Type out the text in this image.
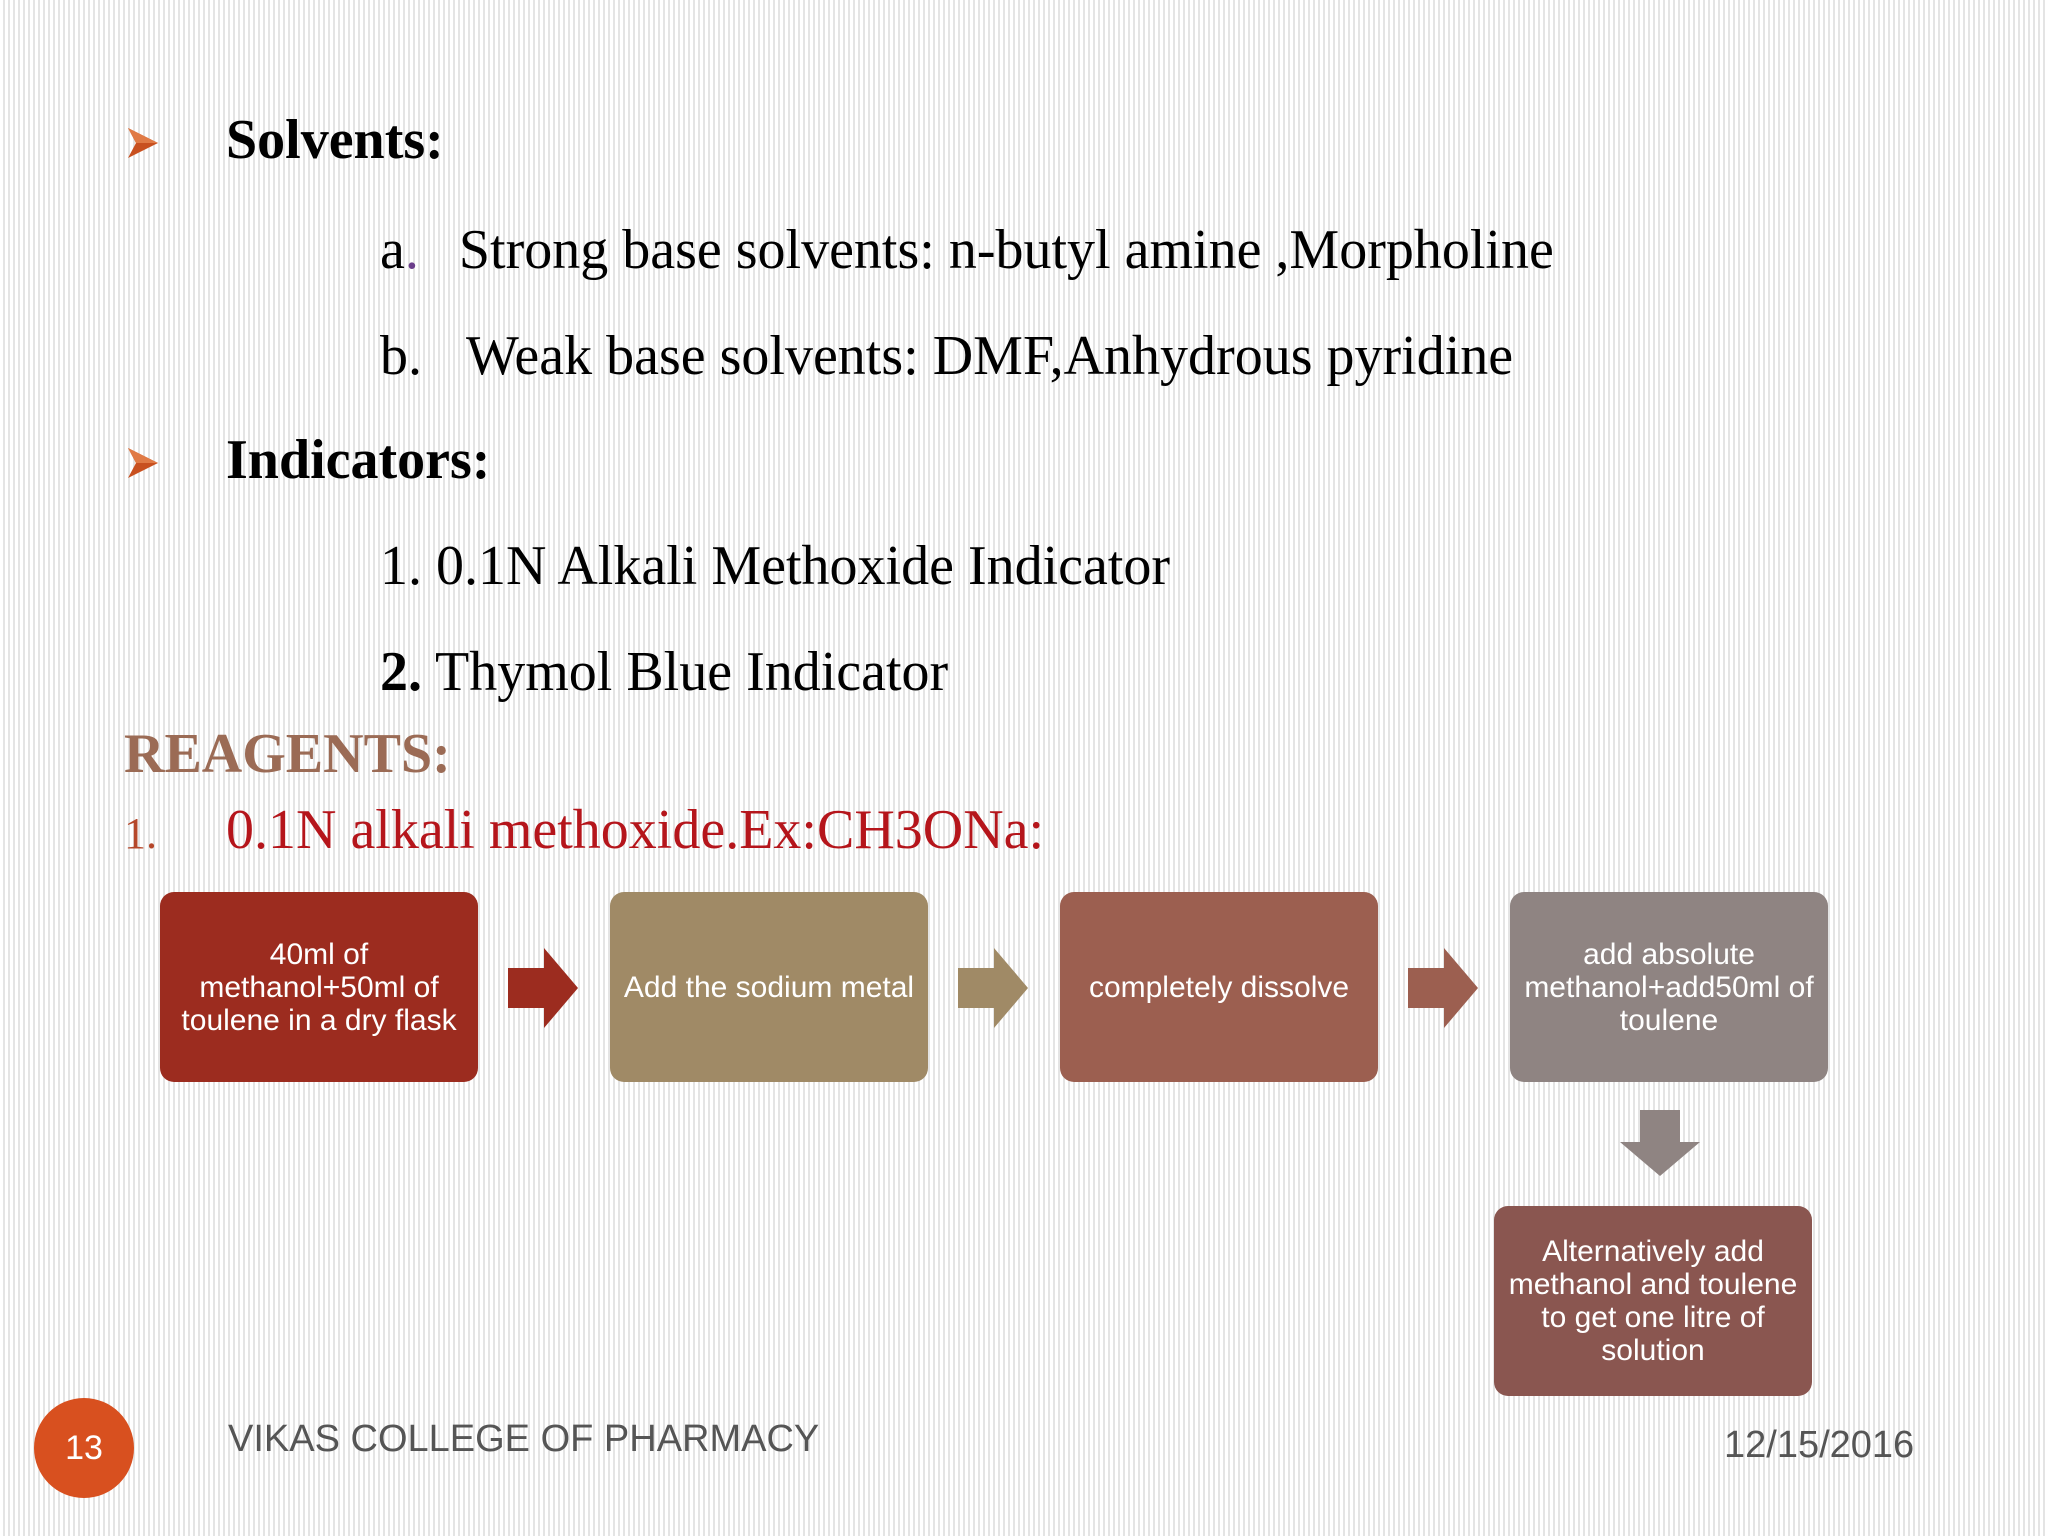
Solvents:
a. Strong base solvents: n-butyl amine ,Morpholine
b. Weak base solvents: DMF,Anhydrous pyridine
Indicators:
1. 0.1N Alkali Methoxide Indicator
2. Thymol Blue Indicator
REAGENTS:
1. 0.1N alkali methoxide.Ex:CH3ONa:
40ml of methanol+50ml of toulene in a dry flask
Add the sodium metal	completely dissolve
add absolute methanol+add50ml of toulene
Alternatively add methanol and toulene to get one litre of solution
13	VIKAS COLLEGE OF PHARMACY	12/15/2016
